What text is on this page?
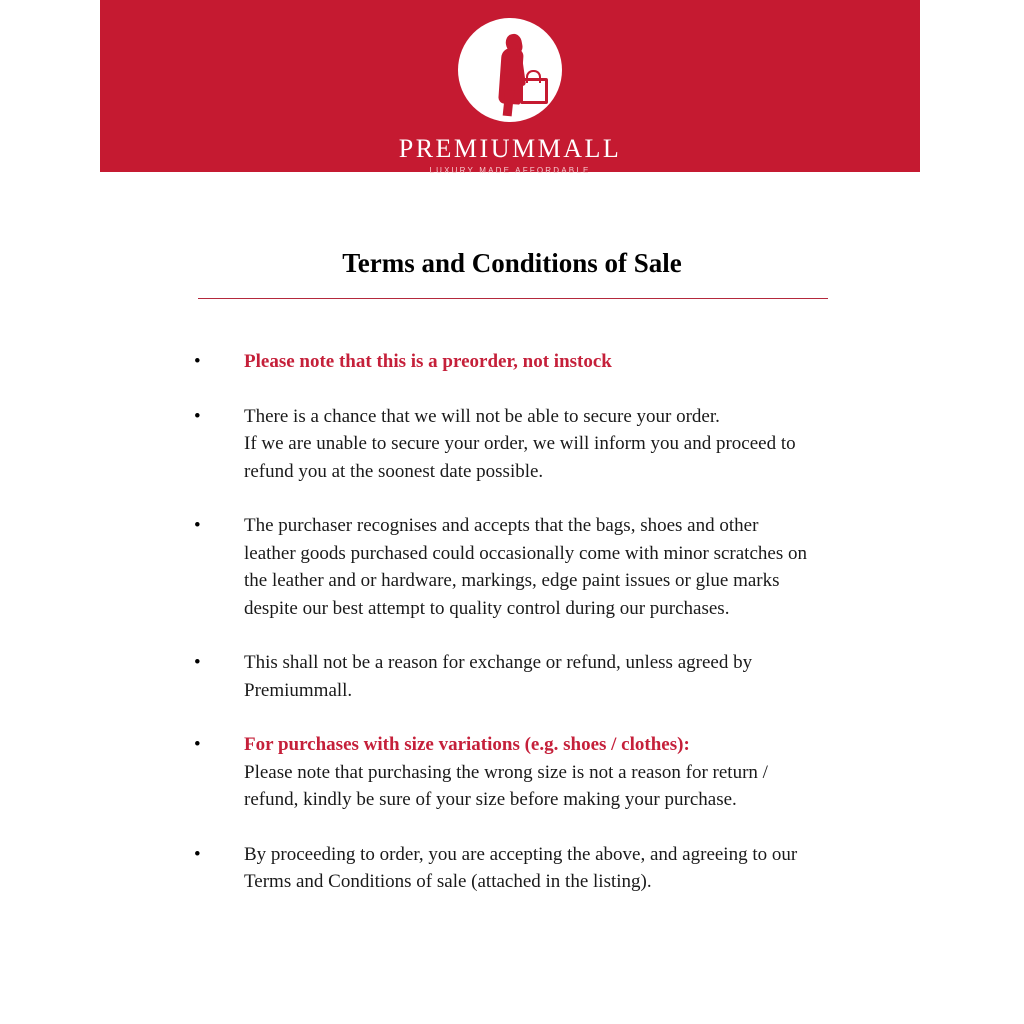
PREMIUMMALL
LUXURY MADE AFFORDABLE
Terms and Conditions of Sale
•	Please note that this is a preorder, not instock

•	There is a chance that we will not be able to secure your order.

If we are unable to secure your order, we will inform you and proceed to

refund you at the soonest date possible.

•	The purchaser recognises and accepts that the bags, shoes and other

leather goods purchased could occasionally come with minor scratches on

the leather and or hardware, markings, edge paint issues or glue marks

despite our best attempt to quality control during our purchases.

•	This shall not be a reason for exchange or refund, unless agreed by

Premiummall.

•	For purchases with size variations (e.g. shoes / clothes):

Please note that purchasing the wrong size is not a reason for return /

refund, kindly be sure of your size before making your purchase.

•	By proceeding to order, you are accepting the above, and agreeing to our

Terms and Conditions of sale (attached in the listing).
